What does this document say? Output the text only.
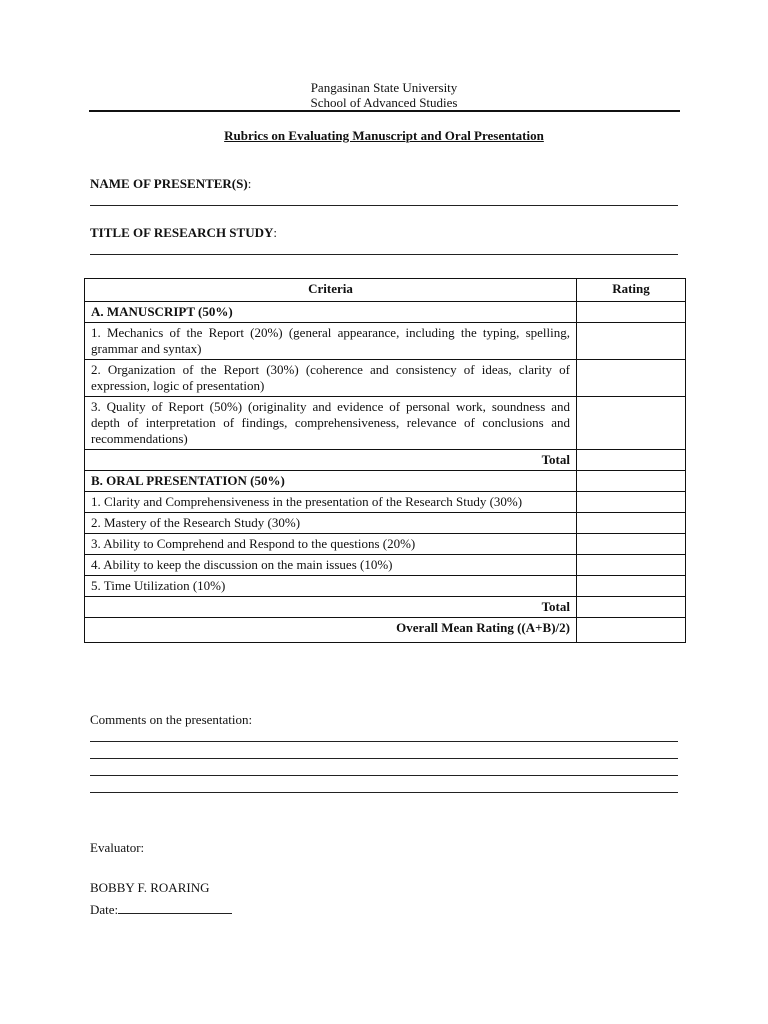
Pangasinan State University
School of Advanced Studies
Rubrics on Evaluating Manuscript and Oral Presentation
NAME OF PRESENTER(S):
TITLE OF RESEARCH STUDY:
Criteria	Rating
A. MANUSCRIPT (50%)	
1. Mechanics of the Report (20%) (general appearance, including the typing, spelling, grammar and syntax)	
2. Organization of the Report (30%) (coherence and consistency of ideas, clarity of expression, logic of presentation)	
3. Quality of Report (50%) (originality and evidence of personal work, soundness and depth of interpretation of findings, comprehensiveness, relevance of conclusions and recommendations)	
Total	
B. ORAL PRESENTATION (50%)	
1. Clarity and Comprehensiveness in the presentation of the Research Study (30%)	
2. Mastery of the Research Study (30%)	
3. Ability to Comprehend and Respond to the questions (20%)	
4. Ability to keep the discussion on the main issues (10%)	
5. Time Utilization (10%)	
Total	
Overall Mean Rating ((A+B)/2)	
Comments on the presentation:
Evaluator:
BOBBY F. ROARING
Date:
